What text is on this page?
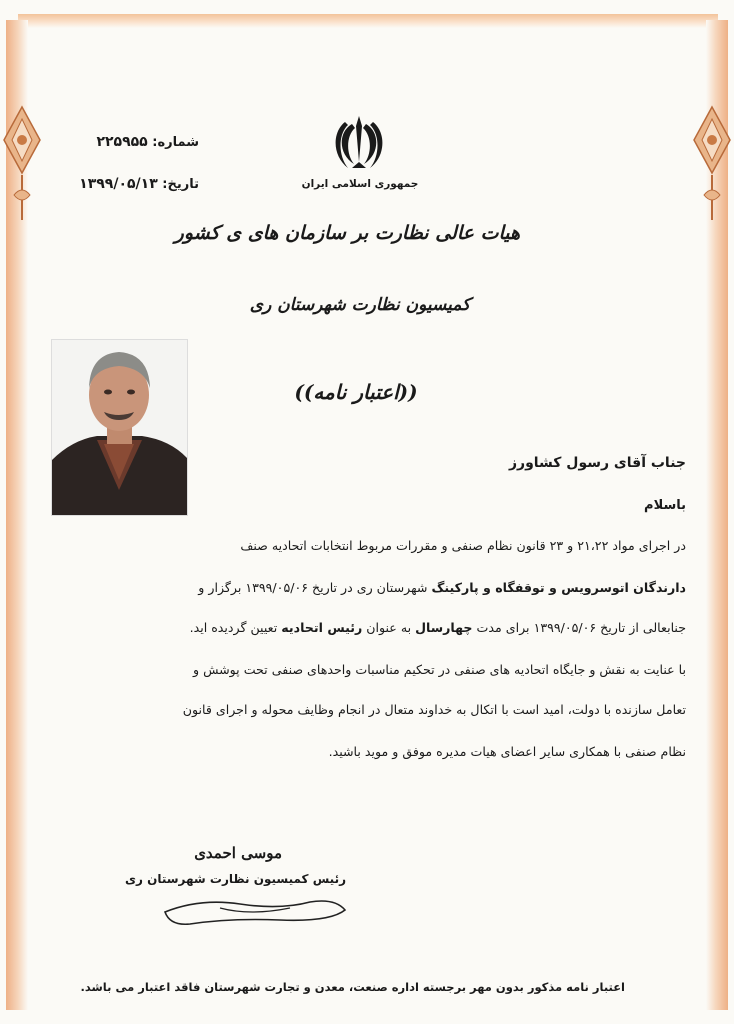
شماره: ۲۲۵۹۵۵
تاریخ: ۱۳۹۹/۰۵/۱۳	جمهوری اسلامی ایران
هیات عالی نظارت بر سازمان های ی کشور
کمیسیون نظارت شهرستان ری
((اعتبار نامه))
جناب آقای رسول کشاورز
باسلام
در اجرای مواد ۲۱،۲۲ و ۲۳ قانون نظام صنفی و مقررات مربوط انتخابات اتحادیه صنف
دارندگان اتوسرویس و توقفگاه و پارکینگ شهرستان ری در تاریخ ۱۳۹۹/۰۵/۰۶ برگزار و
جنابعالی از تاریخ ۱۳۹۹/۰۵/۰۶ برای مدت چهارسال به عنوان رئیس اتحادیه تعیین گردیده اید.
با عنایت به نقش و جایگاه اتحادیه های صنفی در تحکیم مناسبات واحدهای صنفی تحت پوشش و
تعامل سازنده با دولت، امید است با اتکال به خداوند متعال در انجام وظایف محوله و اجرای قانون
نظام صنفی با همکاری سایر اعضای هیات مدیره موفق و موید باشید.
موسی احمدی
رئیس کمیسیون نظارت شهرستان ری
اعتبار نامه مذکور بدون مهر برجسته اداره صنعت، معدن و تجارت شهرستان فاقد اعتبار می باشد.
